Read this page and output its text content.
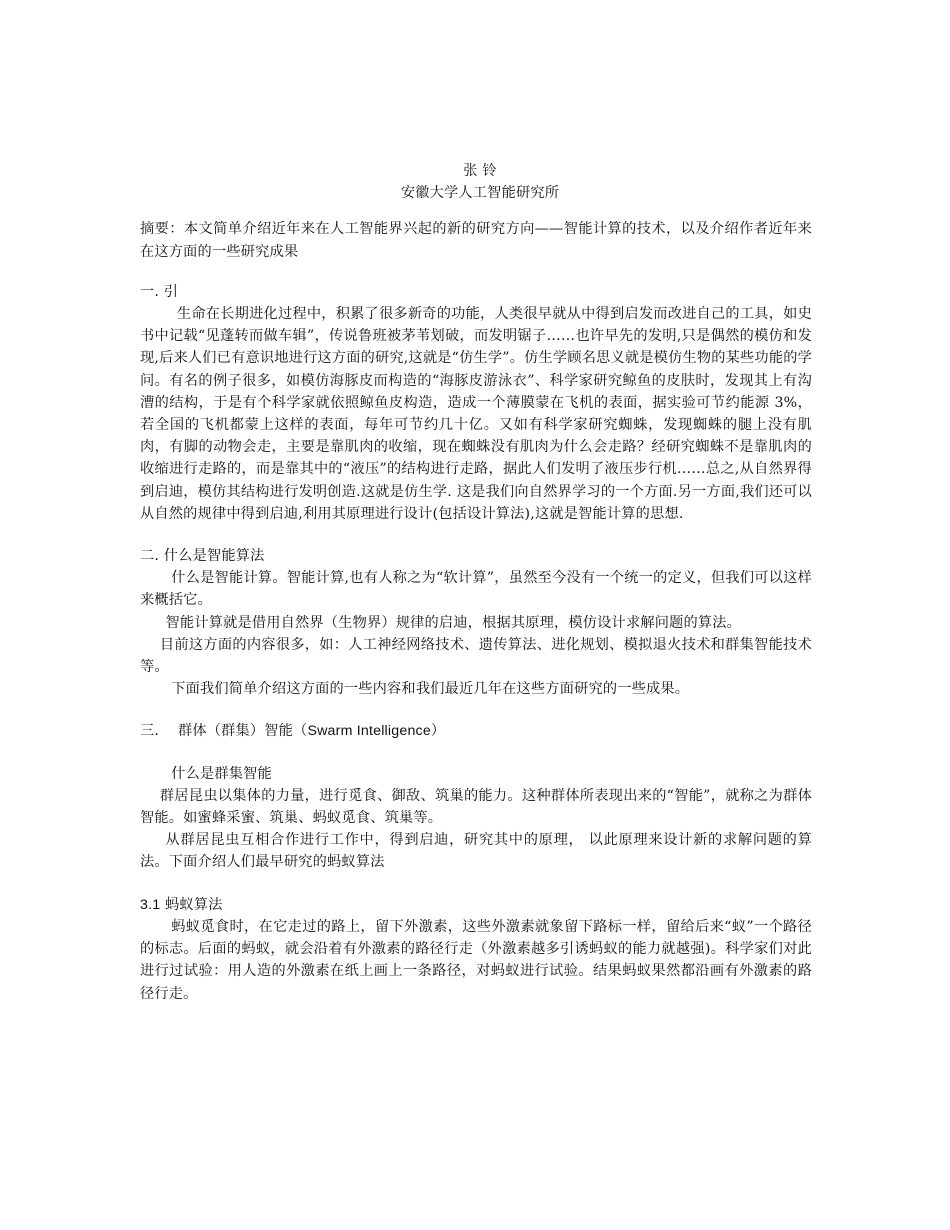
张 铃

安徽大学人工智能研究所

摘要：本文简单介绍近年来在人工智能界兴起的新的研究方向——智能计算的技术，以及介绍作者近年来在这方面的一些研究成果

一. 引

生命在长期进化过程中，积累了很多新奇的功能，人类很早就从中得到启发而改进自己的工具，如史书中记载“见蓬转而做车辑”，传说鲁班被茅苇划破，而发明锯子……也许早先的发明,只是偶然的模仿和发现,后来人们已有意识地进行这方面的研究,这就是“仿生学”。仿生学顾名思义就是模仿生物的某些功能的学问。有名的例子很多，如模仿海豚皮而构造的“海豚皮游泳衣”、科学家研究鲸鱼的皮肤时，发现其上有沟漕的结构，于是有个科学家就依照鲸鱼皮构造，造成一个薄膜蒙在飞机的表面，据实验可节约能源 3%，若全国的飞机都蒙上这样的表面，每年可节约几十亿。又如有科学家研究蜘蛛，发现蜘蛛的腿上没有肌肉，有脚的动物会走，主要是靠肌肉的收缩，现在蜘蛛没有肌肉为什么会走路？经研究蜘蛛不是靠肌肉的收缩进行走路的，而是靠其中的“液压”的结构进行走路，据此人们发明了液压步行机……总之,从自然界得到启迪，模仿其结构进行发明创造.这就是仿生学. 这是我们向自然界学习的一个方面.另一方面,我们还可以从自然的规律中得到启迪,利用其原理进行设计(包括设计算法),这就是智能计算的思想.

二. 什么是智能算法

什么是智能计算。智能计算,也有人称之为“软计算”，虽然至今没有一个统一的定义，但我们可以这样来概括它。

智能计算就是借用自然界（生物界）规律的启迪，根据其原理，模仿设计求解问题的算法。

目前这方面的内容很多，如：人工神经网络技术、遗传算法、进化规划、模拟退火技术和群集智能技术等。

下面我们简单介绍这方面的一些内容和我们最近几年在这些方面研究的一些成果。

三. 群体（群集）智能（Swarm Intelligence）

什么是群集智能

群居昆虫以集体的力量，进行觅食、御敌、筑巢的能力。这种群体所表现出来的“智能”，就称之为群体智能。如蜜蜂采蜜、筑巢、蚂蚁觅食、筑巢等。

从群居昆虫互相合作进行工作中，得到启迪，研究其中的原理， 以此原理来设计新的求解问题的算法。下面介绍人们最早研究的蚂蚁算法

3.1 蚂蚁算法

蚂蚁觅食时，在它走过的路上，留下外激素，这些外激素就象留下路标一样，留给后来“蚁”一个路径的标志。后面的蚂蚁，就会沿着有外激素的路径行走（外激素越多引诱蚂蚁的能力就越强)。科学家们对此进行过试验：用人造的外激素在纸上画上一条路径，对蚂蚁进行试验。结果蚂蚁果然都沿画有外激素的路径行走。
